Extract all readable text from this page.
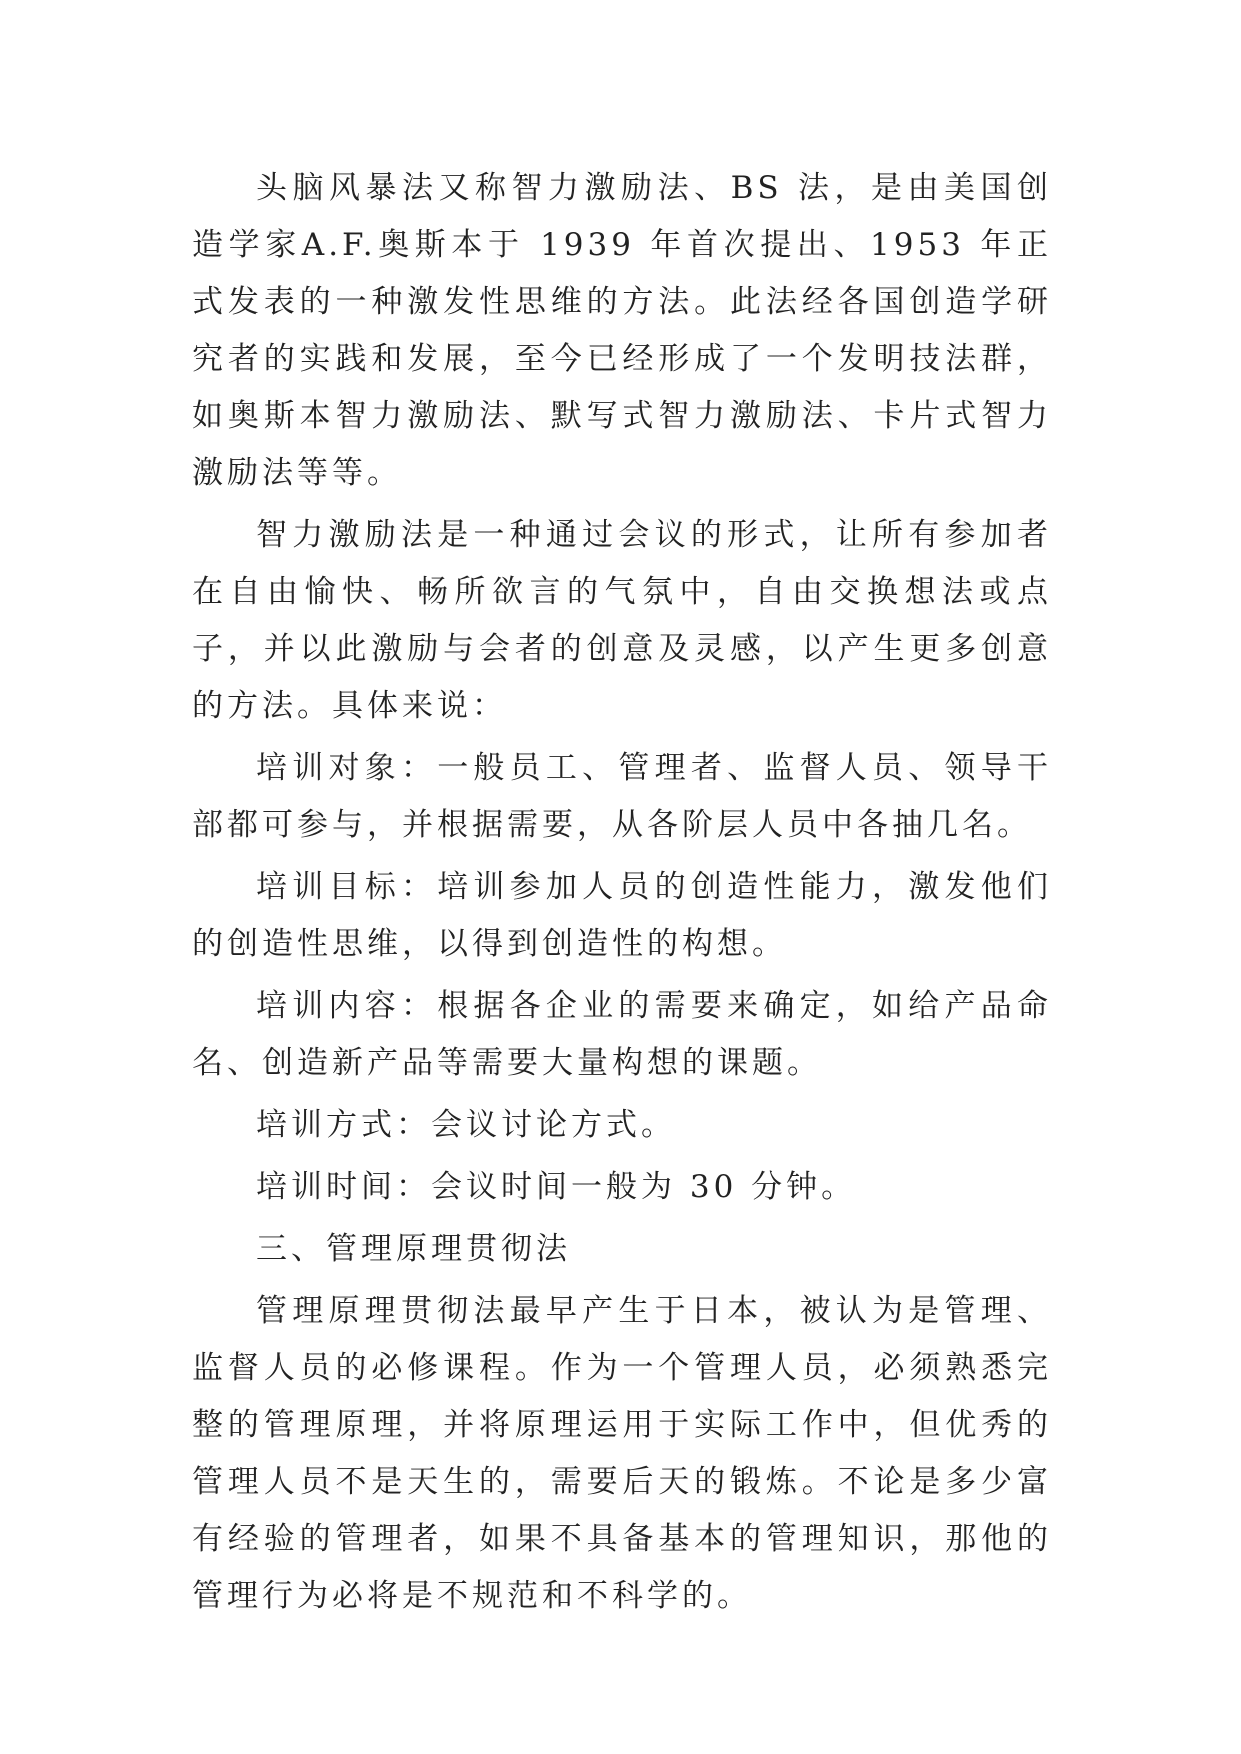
头脑风暴法又称智力激励法、BS 法，是由美国创造学家A.F.奥斯本于 1939 年首次提出、1953 年正式发表的一种激发性思维的方法。此法经各国创造学研究者的实践和发展，至今已经形成了一个发明技法群，如奥斯本智力激励法、默写式智力激励法、卡片式智力激励法等等。

智力激励法是一种通过会议的形式，让所有参加者在自由愉快、畅所欲言的气氛中，自由交换想法或点子，并以此激励与会者的创意及灵感，以产生更多创意的方法。具体来说：

培训对象：一般员工、管理者、监督人员、领导干部都可参与，并根据需要，从各阶层人员中各抽几名。

培训目标：培训参加人员的创造性能力，激发他们的创造性思维，以得到创造性的构想。

培训内容：根据各企业的需要来确定，如给产品命名、创造新产品等需要大量构想的课题。

培训方式：会议讨论方式。

培训时间：会议时间一般为 30 分钟。

三、管理原理贯彻法

管理原理贯彻法最早产生于日本，被认为是管理、监督人员的必修课程。作为一个管理人员，必须熟悉完整的管理原理，并将原理运用于实际工作中，但优秀的管理人员不是天生的，需要后天的锻炼。不论是多少富有经验的管理者，如果不具备基本的管理知识，那他的管理行为必将是不规范和不科学的。
